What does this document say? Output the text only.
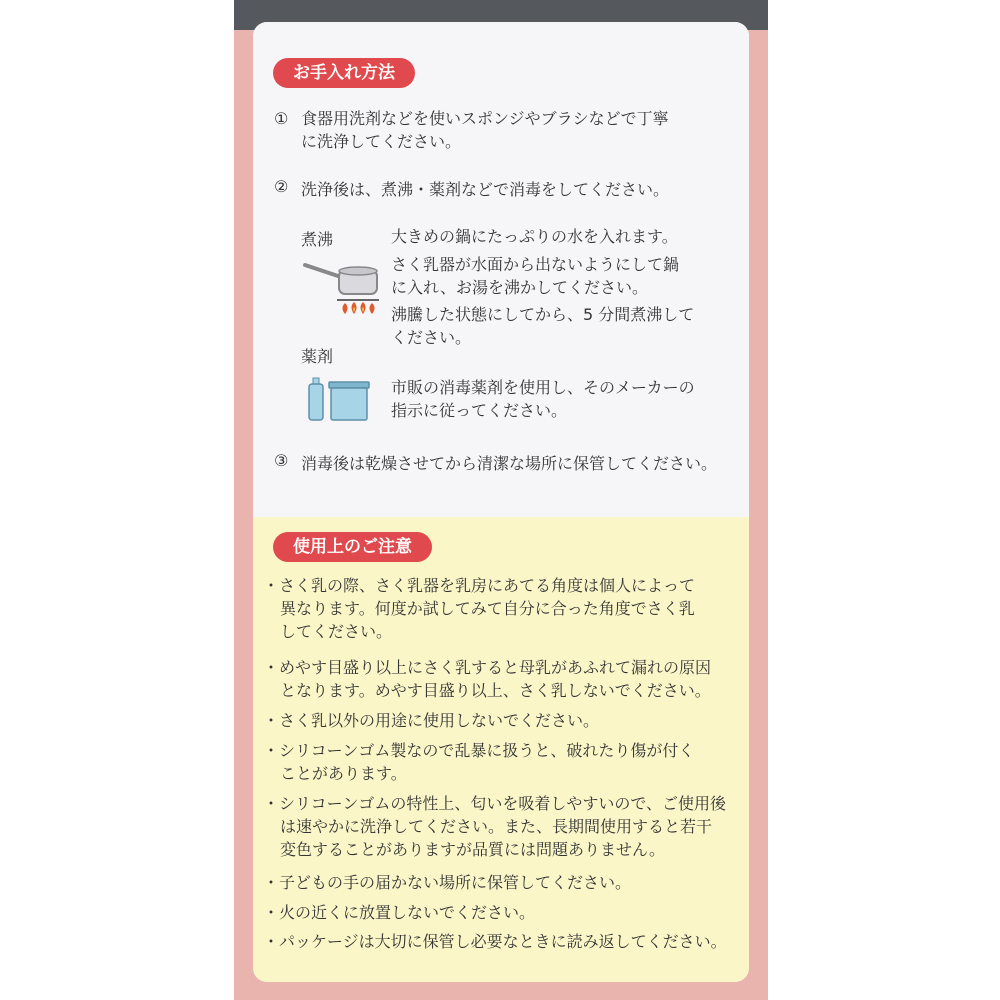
お手入れ方法
① 食器用洗剤などを使いスポンジやブラシなどで丁寧
に洗浄してください。
② 洗浄後は、煮沸・薬剤などで消毒をしてください。
煮沸	大きめの鍋にたっぷりの水を入れます。
さく乳器が水面から出ないようにして鍋
に入れ、お湯を沸かしてください。
沸騰した状態にしてから、5 分間煮沸して
ください。
薬剤
市販の消毒薬剤を使用し、そのメーカーの
指示に従ってください。
③ 消毒後は乾燥させてから清潔な場所に保管してください。
使用上のご注意
・さく乳の際、さく乳器を乳房にあてる角度は個人によって
異なります。何度か試してみて自分に合った角度でさく乳
してください。
・めやす目盛り以上にさく乳すると母乳があふれて漏れの原因
となります。めやす目盛り以上、さく乳しないでください。
・さく乳以外の用途に使用しないでください。
・シリコーンゴム製なので乱暴に扱うと、破れたり傷が付く
ことがあります。
・シリコーンゴムの特性上、匂いを吸着しやすいので、ご使用後
は速やかに洗浄してください。また、長期間使用すると若干
変色することがありますが品質には問題ありません。
・子どもの手の届かない場所に保管してください。
・火の近くに放置しないでください。
・パッケージは大切に保管し必要なときに読み返してください。
